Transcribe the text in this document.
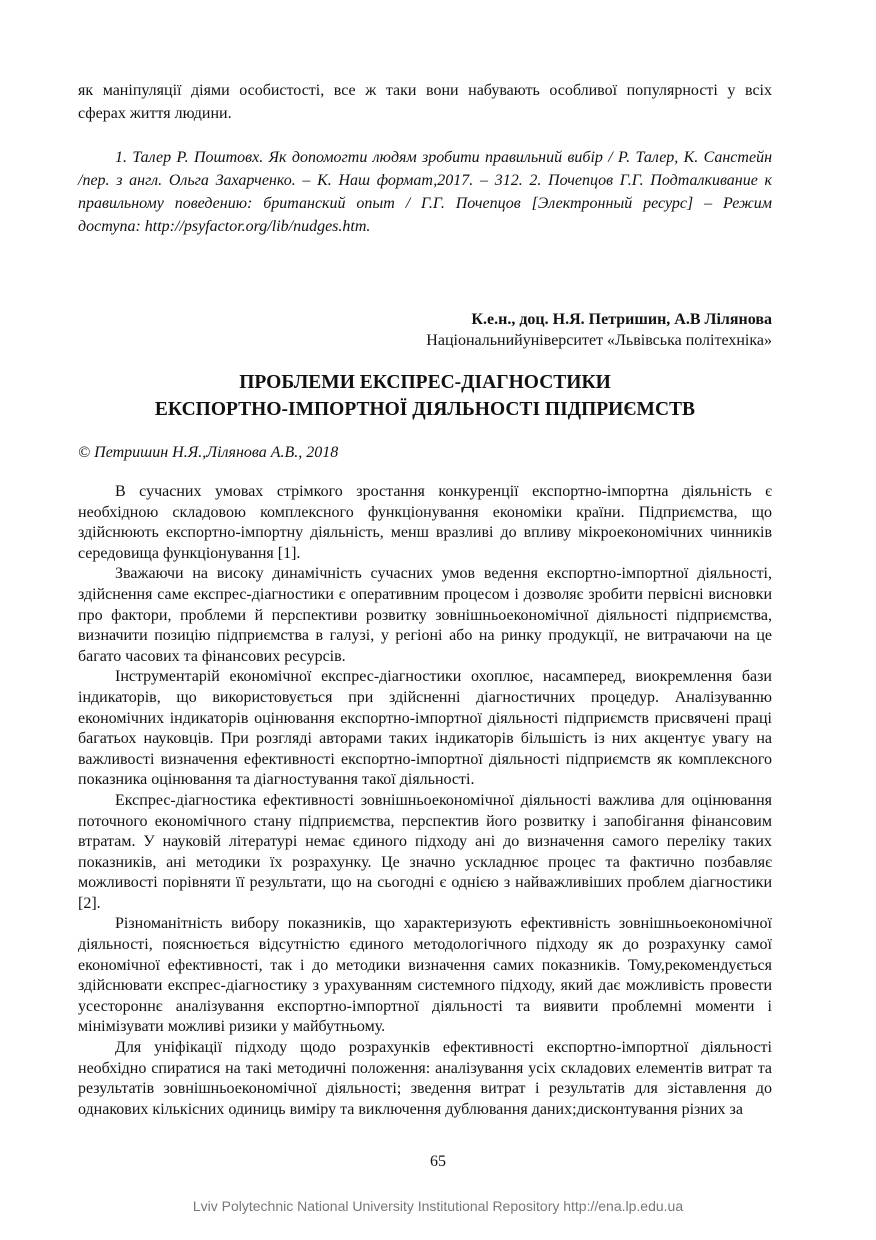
як маніпуляції діями особистості, все ж таки вони набувають особливої популярності у всіх
сферах життя людини.
1. Талер Р. Поштовх. Як допомогти людям зробити правильний вибір / Р. Талер, К. Санстейн
/пер. з англ. Ольга Захарченко. – К. Наш формат,2017. – 312. 2. Почепцов Г.Г. Подталкивание к
правильному поведению: британский опыт / Г.Г. Почепцов [Электронный ресурс] – Режим
доступа: http://psyfactor.org/lib/nudges.htm.
К.е.н., доц. Н.Я. Петришин, А.В Лілянова
Національнийуніверситет «Львівська політехніка»
ПРОБЛЕМИ ЕКСПРЕС-ДІАГНОСТИКИ
ЕКСПОРТНО-ІМПОРТНОЇ ДІЯЛЬНОСТІ ПІДПРИЄМСТВ
© Петришин Н.Я.,Лілянова А.В., 2018
В сучасних умовах стрімкого зростання конкуренції експортно-імпортна діяльність є
необхідною складовою комплексного функціонування економіки країни. Підприємства, що
здійснюють експортно-імпортну діяльність, менш вразливі до впливу мікроекономічних чинників
середовища функціонування [1].
Зважаючи на високу динамічність сучасних умов ведення експортно-імпортної діяльності,
здійснення саме експрес-діагностики є оперативним процесом і дозволяє зробити первісні висновки
про фактори, проблеми й перспективи розвитку зовнішньоекономічної діяльності підприємства,
визначити позицію підприємства в галузі, у регіоні або на ринку продукції, не витрачаючи на це
багато часових та фінансових ресурсів.
Інструментарій економічної експрес-діагностики охоплює, насамперед, виокремлення бази
індикаторів, що використовується при здійсненні діагностичних процедур. Аналізуванню
економічних індикаторів оцінювання експортно-імпортної діяльності підприємств присвячені праці
багатьох науковців. При розгляді авторами таких індикаторів більшість із них акцентує увагу на
важливості визначення ефективності експортно-імпортної діяльності підприємств як комплексного
показника оцінювання та діагностування такої діяльності.
Експрес-діагностика ефективності зовнішньоекономічної діяльності важлива для оцінювання
поточного економічного стану підприємства, перспектив його розвитку і запобігання фінансовим
втратам. У науковій літературі немає єдиного підходу ані до визначення самого переліку таких
показників, ані методики їх розрахунку. Це значно ускладнює процес та фактично позбавляє
можливості порівняти її результати, що на сьогодні є однією з найважливіших проблем діагностики
[2].
Різноманітність вибору показників, що характеризують ефективність зовнішньоекономічної
діяльності, пояснюється відсутністю єдиного методологічного підходу як до розрахунку самої
економічної ефективності, так і до методики визначення самих показників. Тому,рекомендується
здійснювати експрес-діагностику з урахуванням системного підходу, який дає можливість провести
усестороннє аналізування експортно-імпортної діяльності та виявити проблемні моменти і
мінімізувати можливі ризики у майбутньому.
Для уніфікації підходу щодо розрахунків ефективності експортно-імпортної діяльності
необхідно спиратися на такі методичні положення: аналізування усіх складових елементів витрат та
результатів зовнішньоекономічної діяльності; зведення витрат і результатів для зіставлення до
однакових кількісних одиниць виміру та виключення дублювання даних;дисконтування різних за
65
Lviv Polytechnic National University Institutional Repository http://ena.lp.edu.ua
